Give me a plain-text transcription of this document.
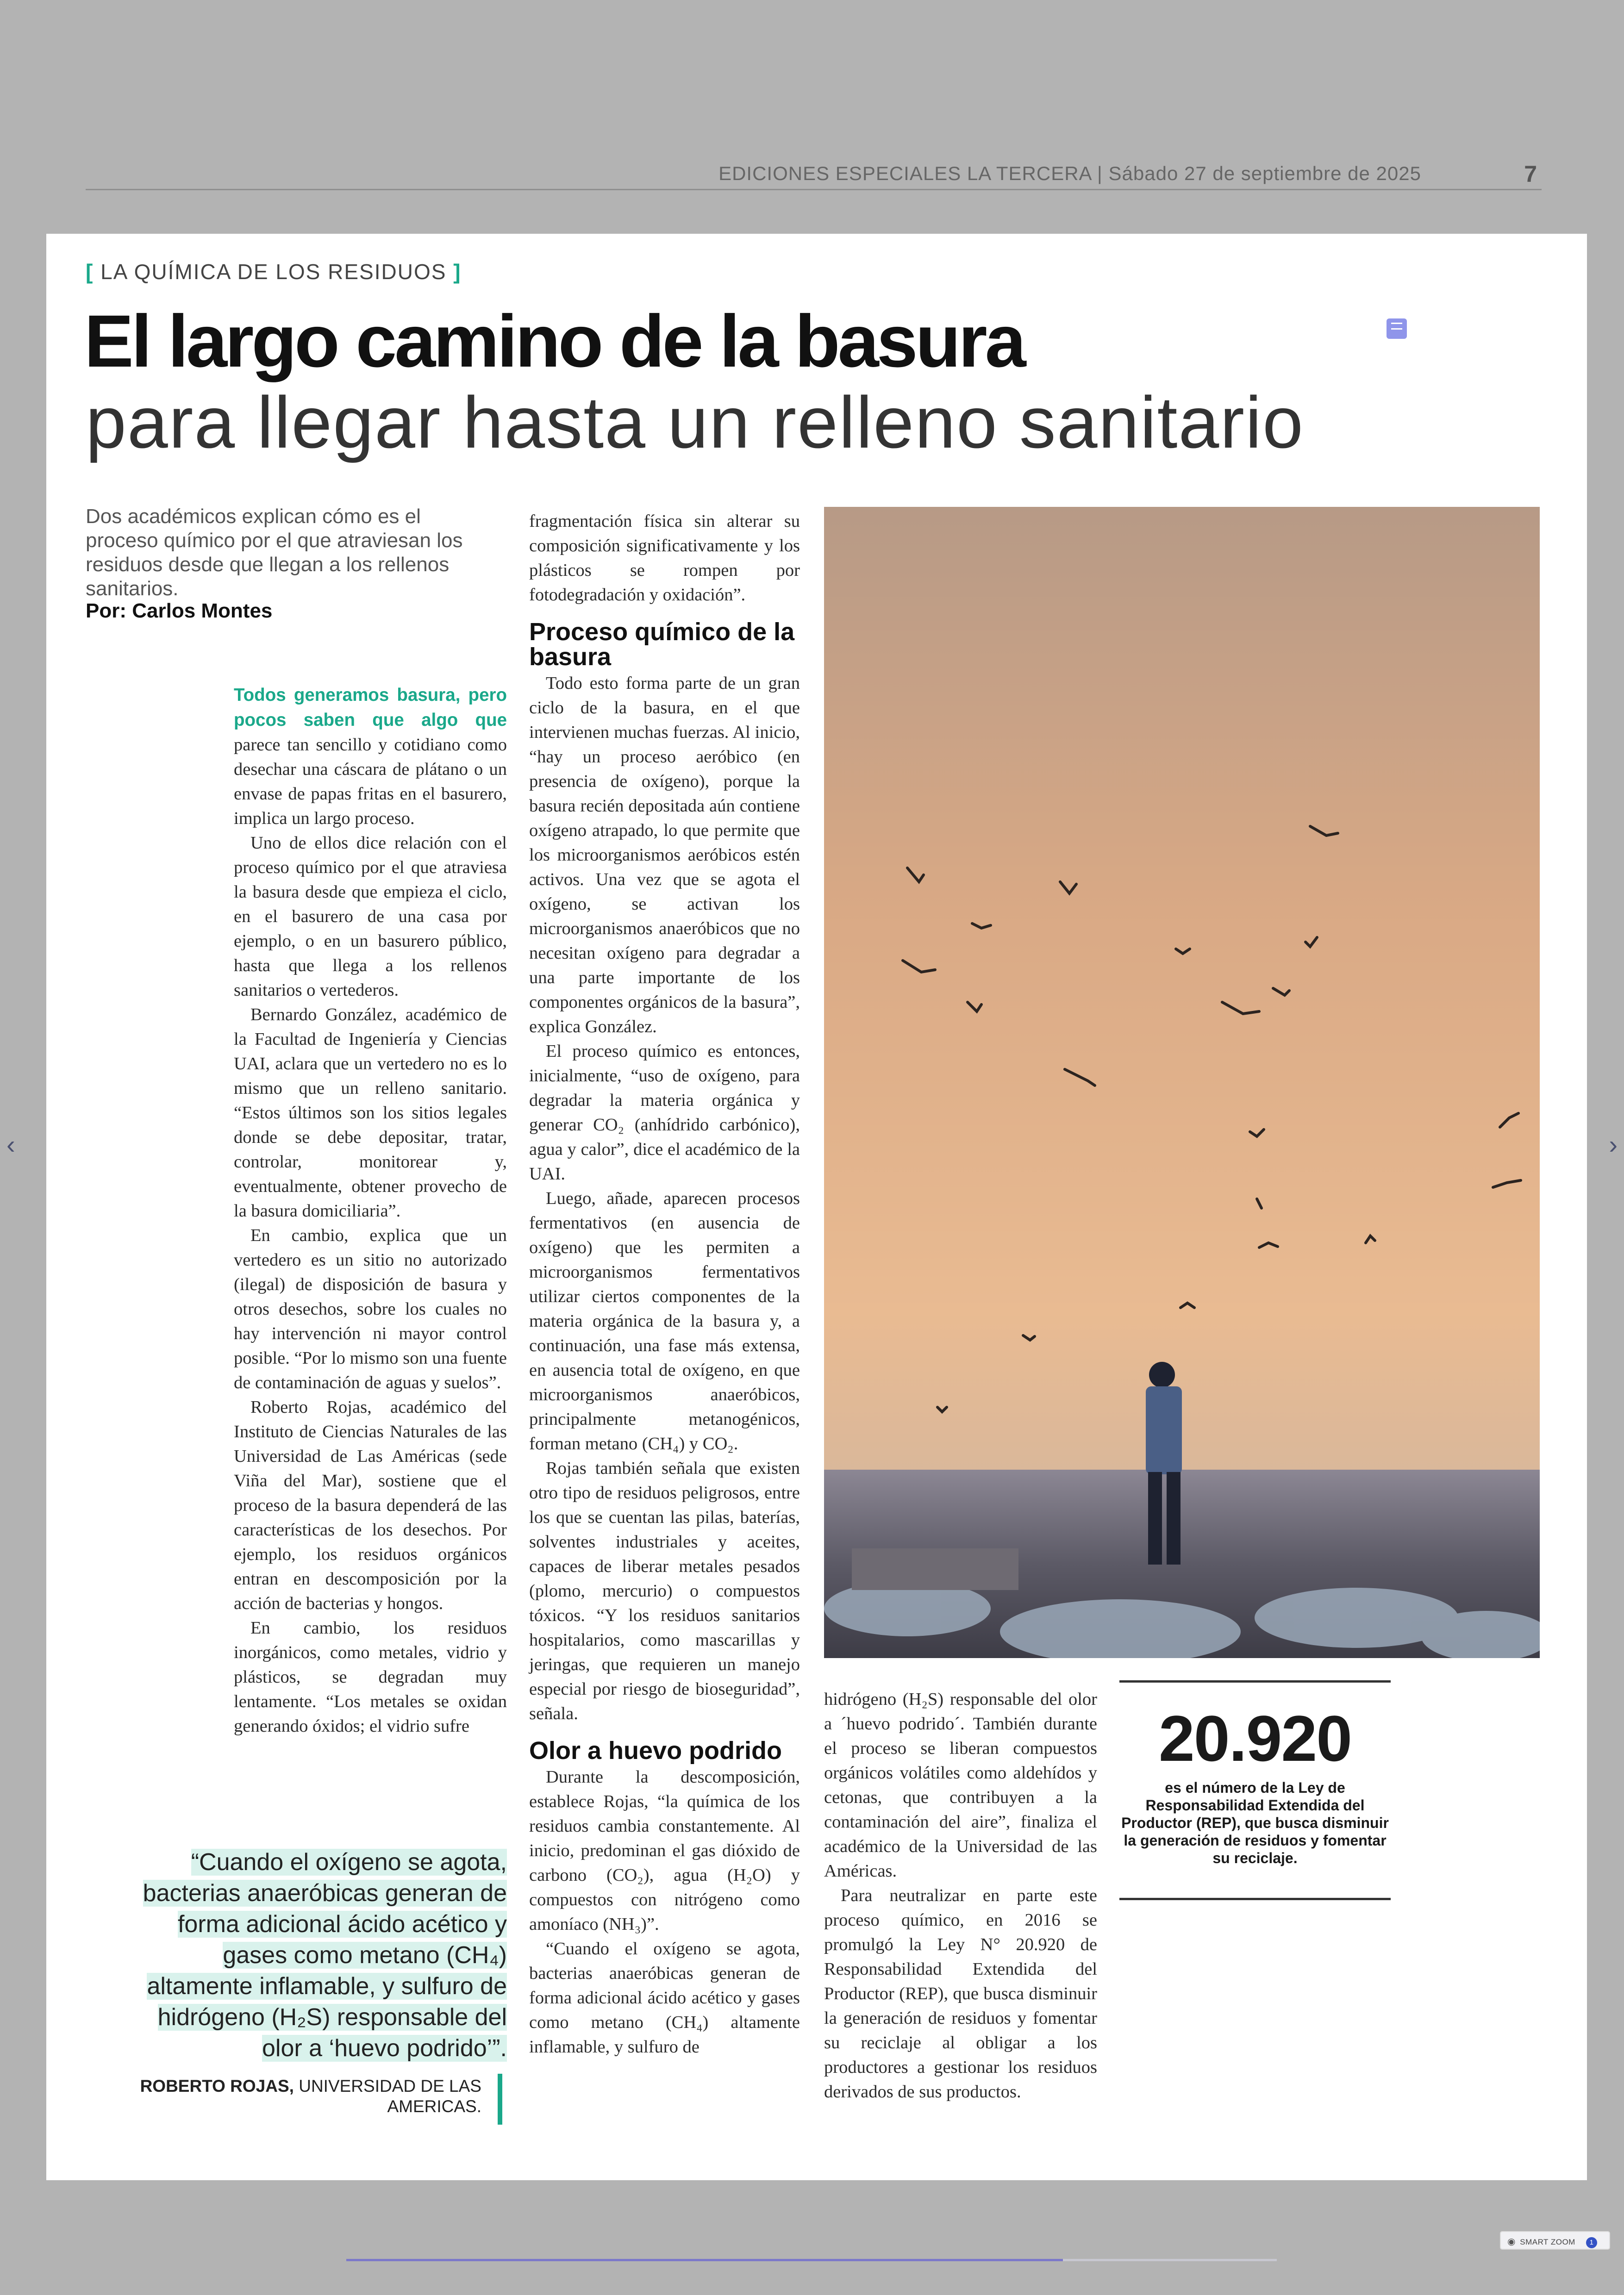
EDICIONES ESPECIALES LA TERCERA | Sábado 27 de septiembre de 2025	7
‹	›
[ LA QUÍMICA DE LOS RESIDUOS ]
El largo camino de la basura
para llegar hasta un relleno sanitario
Dos académicos explican cómo es el proceso químico por el que atraviesan los residuos desde que llegan a los rellenos sanitarios.
Por: Carlos Montes

Todos generamos basura, pero pocos saben que algo que parece tan sencillo y cotidiano como desechar una cáscara de plátano o un envase de papas fritas en el basurero, implica un largo proceso.

Uno de ellos dice relación con el proceso químico por el que atraviesa la basura desde que empieza el ciclo, en el basurero de una casa por ejemplo, o en un basurero público, hasta que llega a los rellenos sanitarios o vertederos.

Bernardo González, académico de la Facultad de Ingeniería y Ciencias UAI, aclara que un vertedero no es lo mismo que un relleno sanitario. “Estos últimos son los sitios legales donde se debe depositar, tratar, controlar, monitorear y, eventualmente, obtener provecho de la basura domiciliaria”.

En cambio, explica que un vertedero es un sitio no autorizado (ilegal) de disposición de basura y otros desechos, sobre los cuales no hay intervención ni mayor control posible. “Por lo mismo son una fuente de contaminación de aguas y suelos”.

Roberto Rojas, académico del Instituto de Ciencias Naturales de las Universidad de Las Américas (sede Viña del Mar), sostiene que el proceso de la basura dependerá de las características de los desechos. Por ejemplo, los residuos orgánicos entran en descomposición por la acción de bacterias y hongos.

En cambio, los residuos inorgánicos, como metales, vidrio y plásticos, se degradan muy lentamente. “Los metales se oxidan generando óxidos; el vidrio sufre

fragmentación física sin alterar su composición significativamente y los plásticos se rompen por fotodegradación y oxidación”.

Proceso químico de la basura

Todo esto forma parte de un gran ciclo de la basura, en el que intervienen muchas fuerzas. Al inicio, “hay un proceso aeróbico (en presencia de oxígeno), porque la basura recién depositada aún contiene oxígeno atrapado, lo que permite que los microorganismos aeróbicos estén activos. Una vez que se agota el oxígeno, se activan los microorganismos anaeróbicos que no necesitan oxígeno para degradar a una parte importante de los componentes orgánicos de la basura”, explica González.

El proceso químico es entonces, inicialmente, “uso de oxígeno, para degradar la materia orgánica y generar CO₂ (anhídrido carbónico), agua y calor”, dice el académico de la UAI.

Luego, añade, aparecen procesos fermentativos (en ausencia de oxígeno) que les permiten a microorganismos fermentativos utilizar ciertos componentes de la materia orgánica de la basura y, a continuación, una fase más extensa, en ausencia total de oxígeno, en que microorganismos anaeróbicos, principalmente metanogénicos, forman metano (CH₄) y CO₂.

Rojas también señala que existen otro tipo de residuos peligrosos, entre los que se cuentan las pilas, baterías, solventes industriales y aceites, capaces de liberar metales pesados (plomo, mercurio) o compuestos tóxicos. “Y los residuos sanitarios hospitalarios, como mascarillas y jeringas, que requieren un manejo especial por riesgo de bioseguridad”, señala.

Olor a huevo podrido

Durante la descomposición, establece Rojas, “la química de los residuos cambia constantemente. Al inicio, predominan el gas dióxido de carbono (CO₂), agua (H₂O) y compuestos con nitrógeno como amoníaco (NH₃)”.

“Cuando el oxígeno se agota, bacterias anaeróbicas generan de forma adicional ácido acético y gases como metano (CH₄) altamente inflamable, y sulfuro de

hidrógeno (H₂S) responsable del olor a ´huevo podrido´. También durante el proceso se liberan compuestos orgánicos volátiles como aldehídos y cetonas, que contribuyen a la contaminación del aire”, finaliza el académico de la Universidad de las Américas.

Para neutralizar en parte este proceso químico, en 2016 se promulgó la Ley N° 20.920 de Responsabilidad Extendida del Productor (REP), que busca disminuir la generación de residuos y fomentar su reciclaje al obligar a los productores a gestionar los residuos derivados de sus productos.

20.920
es el número de la Ley de Responsabilidad Extendida del Productor (REP), que busca disminuir la generación de residuos y fomentar su reciclaje.
“Cuando el oxígeno se agota, bacterias anaeróbicas generan de forma adicional ácido acético y gases como metano (CH₄) altamente inflamable, y sulfuro de hidrógeno (H₂S) responsable del olor a ‘huevo podrido’”.
ROBERTO ROJAS, UNIVERSIDAD DE LAS AMERICAS.
◉ SMART ZOOM 1
